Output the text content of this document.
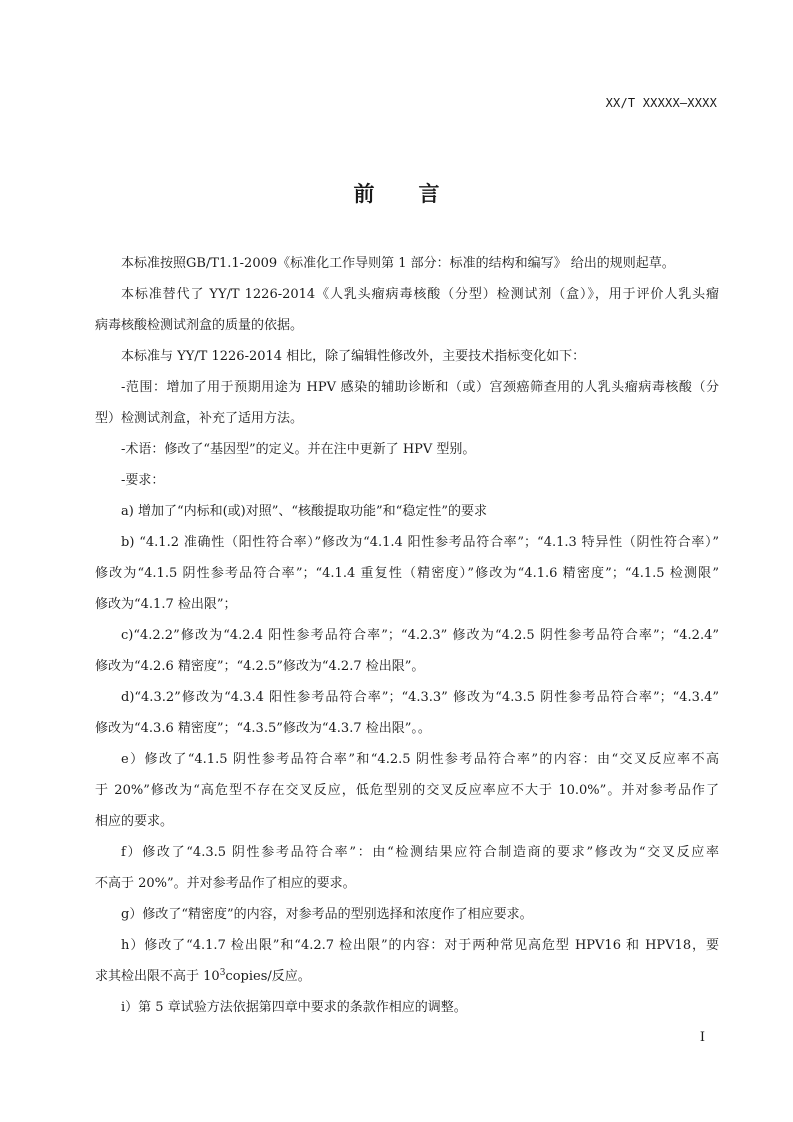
XX/T XXXXX—XXXX
前言
本标准按照GB/T1.1-2009《标准化工作导则第 1 部分：标准的结构和编写》 给出的规则起草。
本标准替代了 YY/T 1226-2014《人乳头瘤病毒核酸（分型）检测试剂（盒）》，用于评价人乳头瘤
病毒核酸检测试剂盒的质量的依据。
本标准与 YY/T 1226-2014 相比，除了编辑性修改外，主要技术指标变化如下：
-范围：增加了用于预期用途为 HPV 感染的辅助诊断和（或）宫颈癌筛查用的人乳头瘤病毒核酸（分
型）检测试剂盒，补充了适用方法。
-术语：修改了“基因型”的定义。并在注中更新了 HPV 型别。
-要求：
a) 增加了“内标和(或)对照”、“核酸提取功能”和“稳定性”的要求
b) “4.1.2 准确性（阳性符合率）”修改为“4.1.4 阳性参考品符合率”；“4.1.3 特异性（阴性符合率）”
修改为“4.1.5 阴性参考品符合率”；“4.1.4 重复性（精密度）”修改为“4.1.6 精密度”；“4.1.5 检测限”
修改为“4.1.7 检出限”；
c)“4.2.2”修改为“4.2.4 阳性参考品符合率”；“4.2.3” 修改为“4.2.5 阴性参考品符合率”；“4.2.4”
修改为“4.2.6 精密度”；“4.2.5”修改为“4.2.7 检出限”。
d)“4.3.2”修改为“4.3.4 阳性参考品符合率”；“4.3.3” 修改为“4.3.5 阴性参考品符合率”；“4.3.4”
修改为“4.3.6 精密度”；“4.3.5”修改为“4.3.7 检出限”。。
e）修改了“4.1.5 阴性参考品符合率”和“4.2.5 阴性参考品符合率”的内容：由“交叉反应率不高
于 20%”修改为“高危型不存在交叉反应，低危型别的交叉反应率应不大于 10.0%”。并对参考品作了
相应的要求。
f）修改了“4.3.5 阴性参考品符合率”：由“检测结果应符合制造商的要求”修改为“交叉反应率
不高于 20%”。并对参考品作了相应的要求。
g）修改了“精密度”的内容，对参考品的型别选择和浓度作了相应要求。
h）修改了“4.1.7 检出限”和“4.2.7 检出限”的内容：对于两种常见高危型 HPV16 和 HPV18，要
求其检出限不高于 $10^3copies/$反应。
i）第 5 章试验方法依据第四章中要求的条款作相应的调整。
I
